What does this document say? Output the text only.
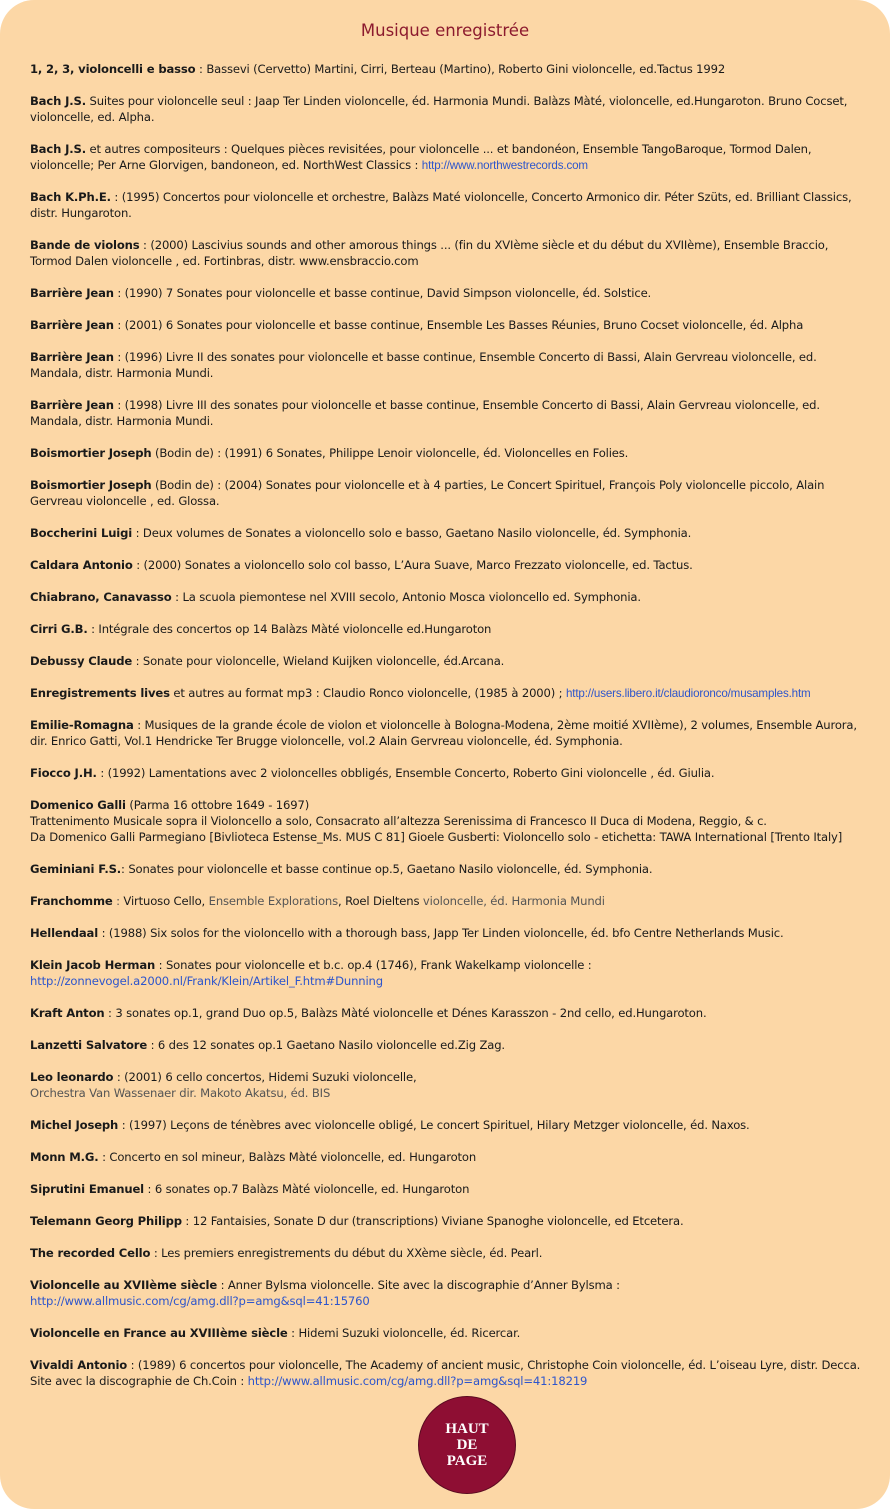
Musique enregistrée
1, 2, 3, violoncelli e basso : Bassevi (Cervetto) Martini, Cirri, Berteau (Martino), Roberto Gini violoncelle, ed.Tactus 1992
Bach J.S. Suites pour violoncelle seul : Jaap Ter Linden violoncelle, éd. Harmonia Mundi. Balàzs Màté, violoncelle, ed.Hungaroton. Bruno Cocset, violoncelle, ed. Alpha.
Bach J.S. et autres compositeurs : Quelques pièces revisitées, pour violoncelle ... et bandonéon, Ensemble TangoBaroque, Tormod Dalen, violoncelle; Per Arne Glorvigen, bandoneon, ed. NorthWest Classics : http://www.northwestrecords.com
Bach K.Ph.E. : (1995) Concertos pour violoncelle et orchestre, Balàzs Maté violoncelle, Concerto Armonico dir. Péter Szüts, ed. Brilliant Classics, distr. Hungaroton.
Bande de violons : (2000) Lascivius sounds and other amorous things ... (fin du XVIème siècle et du début du XVIIème), Ensemble Braccio, Tormod Dalen violoncelle , ed. Fortinbras, distr. www.ensbraccio.com
Barrière Jean : (1990) 7 Sonates pour violoncelle et basse continue, David Simpson violoncelle, éd. Solstice.
Barrière Jean : (2001) 6 Sonates pour violoncelle et basse continue, Ensemble Les Basses Réunies, Bruno Cocset violoncelle, éd. Alpha
Barrière Jean : (1996) Livre II des sonates pour violoncelle et basse continue, Ensemble Concerto di Bassi, Alain Gervreau violoncelle, ed. Mandala, distr. Harmonia Mundi.
Barrière Jean : (1998) Livre III des sonates pour violoncelle et basse continue, Ensemble Concerto di Bassi, Alain Gervreau violoncelle, ed. Mandala, distr. Harmonia Mundi.
Boismortier Joseph (Bodin de) : (1991) 6 Sonates, Philippe Lenoir violoncelle, éd. Violoncelles en Folies.
Boismortier Joseph (Bodin de) : (2004) Sonates pour violoncelle et à 4 parties, Le Concert Spirituel, François Poly violoncelle piccolo, Alain Gervreau violoncelle , ed. Glossa.
Boccherini Luigi : Deux volumes de Sonates a violoncello solo e basso, Gaetano Nasilo violoncelle, éd. Symphonia.
Caldara Antonio : (2000) Sonates a violoncello solo col basso, L’Aura Suave, Marco Frezzato violoncelle, ed. Tactus.
Chiabrano, Canavasso : La scuola piemontese nel XVIII secolo, Antonio Mosca violoncello ed. Symphonia.
Cirri G.B. : Intégrale des concertos op 14 Balàzs Màté violoncelle ed.Hungaroton
Debussy Claude : Sonate pour violoncelle, Wieland Kuijken violoncelle, éd.Arcana.
Enregistrements lives et autres au format mp3 : Claudio Ronco violoncelle, (1985 à 2000) ; http://users.libero.it/claudioronco/musamples.htm
Emilie-Romagna : Musiques de la grande école de violon et violoncelle à Bologna-Modena, 2ème moitié XVIIème), 2 volumes, Ensemble Aurora, dir. Enrico Gatti, Vol.1 Hendricke Ter Brugge violoncelle, vol.2 Alain Gervreau violoncelle, éd. Symphonia.
Fiocco J.H. : (1992) Lamentations avec 2 violoncelles obbligés, Ensemble Concerto, Roberto Gini violoncelle , éd. Giulia.
Domenico Galli (Parma 16 ottobre 1649 - 1697)
Trattenimento Musicale sopra il Violoncello a solo, Consacrato all’altezza Serenissima di Francesco II Duca di Modena, Reggio, & c.
Da Domenico Galli Parmegiano [Bivlioteca Estense_Ms. MUS C 81] Gioele Gusberti: Violoncello solo - etichetta: TAWA International [Trento Italy]
Geminiani F.S.: Sonates pour violoncelle et basse continue op.5, Gaetano Nasilo violoncelle, éd. Symphonia.
Franchomme : Virtuoso Cello, Ensemble Explorations, Roel Dieltens violoncelle, éd. Harmonia Mundi
Hellendaal : (1988) Six solos for the violoncello with a thorough bass, Japp Ter Linden violoncelle, éd. bfo Centre Netherlands Music.
Klein Jacob Herman : Sonates pour violoncelle et b.c. op.4 (1746), Frank Wakelkamp violoncelle :
http://zonnevogel.a2000.nl/Frank/Klein/Artikel_F.htm#Dunning
Kraft Anton : 3 sonates op.1, grand Duo op.5, Balàzs Màté violoncelle et Dénes Karasszon - 2nd cello, ed.Hungaroton.
Lanzetti Salvatore : 6 des 12 sonates op.1 Gaetano Nasilo violoncelle ed.Zig Zag.
Leo leonardo : (2001) 6 cello concertos, Hidemi Suzuki violoncelle,
Orchestra Van Wassenaer dir. Makoto Akatsu, éd. BIS
Michel Joseph : (1997) Leçons de ténèbres avec violoncelle obligé, Le concert Spirituel, Hilary Metzger violoncelle, éd. Naxos.
Monn M.G. : Concerto en sol mineur, Balàzs Màté violoncelle, ed. Hungaroton
Siprutini Emanuel : 6 sonates op.7 Balàzs Màté violoncelle, ed. Hungaroton
Telemann Georg Philipp : 12 Fantaisies, Sonate D dur (transcriptions) Viviane Spanoghe violoncelle, ed Etcetera.
The recorded Cello : Les premiers enregistrements du début du XXème siècle, éd. Pearl.
Violoncelle au XVIIème siècle : Anner Bylsma violoncelle. Site avec la discographie d’Anner Bylsma :
http://www.allmusic.com/cg/amg.dll?p=amg&sql=41:15760
Violoncelle en France au XVIIIème siècle : Hidemi Suzuki violoncelle, éd. Ricercar.
Vivaldi Antonio : (1989) 6 concertos pour violoncelle, The Academy of ancient music, Christophe Coin violoncelle, éd. L’oiseau Lyre, distr. Decca.
Site avec la discographie de Ch.Coin : http://www.allmusic.com/cg/amg.dll?p=amg&sql=41:18219
HAUT
DE
PAGE
